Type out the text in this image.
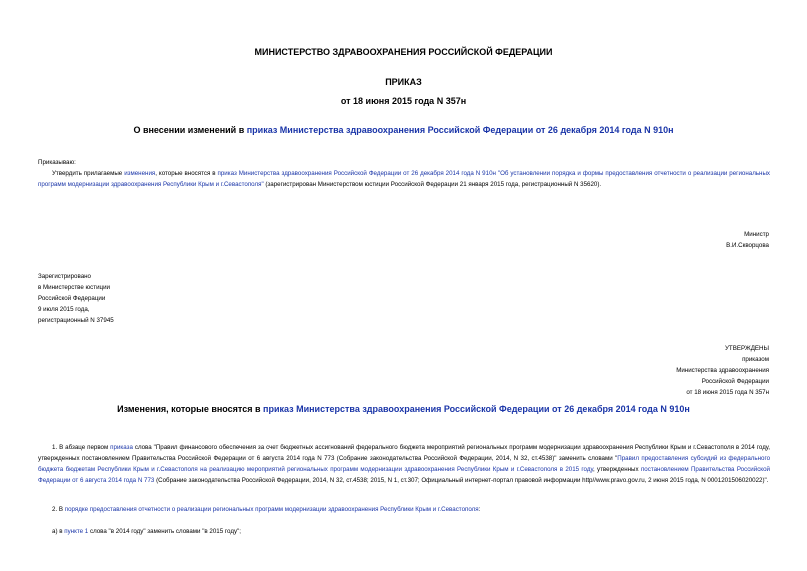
МИНИСТЕРСТВО ЗДРАВООХРАНЕНИЯ РОССИЙСКОЙ ФЕДЕРАЦИИ
ПРИКАЗ
от 18 июня 2015 года N 357н
О внесении изменений в приказ Министерства здравоохранения Российской Федерации от 26 декабря 2014 года N 910н
Приказываю:
Утвердить прилагаемые изменения, которые вносятся в приказ Министерства здравоохранения Российской Федерации от 26 декабря 2014 года N 910н "Об установлении порядка и формы предоставления отчетности о реализации региональных программ модернизации здравоохранения Республики Крым и г.Севастополя" (зарегистрирован Министерством юстиции Российской Федерации 21 января 2015 года, регистрационный N 35620).
Министр
В.И.Скворцова
Зарегистрировано
в Министерстве юстиции
Российской Федерации
9 июля 2015 года,
регистрационный N 37945
УТВЕРЖДЕНЫ
приказом
Министерства здравоохранения
Российской Федерации
от 18 июня 2015 года N 357н
Изменения, которые вносятся в приказ Министерства здравоохранения Российской Федерации от 26 декабря 2014 года N 910н
1. В абзаце первом приказа слова "Правил финансового обеспечения за счет бюджетных ассигнований федерального бюджета мероприятий региональных программ модернизации здравоохранения Республики Крым и г.Севастополя в 2014 году, утвержденных постановлением Правительства Российской Федерации от 6 августа 2014 года N 773 (Собрание законодательства Российской Федерации, 2014, N 32, ст.4538)" заменить словами "Правил предоставления субсидий из федерального бюджета бюджетам Республики Крым и г.Севастополя на реализацию мероприятий региональных программ модернизации здравоохранения Республики Крым и г.Севастополя в 2015 году, утвержденных постановлением Правительства Российской Федерации от 6 августа 2014 года N 773 (Собрание законодательства Российской Федерации, 2014, N 32, ст.4538; 2015, N 1, ст.307; Официальный интернет-портал правовой информации http//www.pravo.gov.ru, 2 июня 2015 года, N 0001201506020022)".
2. В порядке предоставления отчетности о реализации региональных программ модернизации здравоохранения Республики Крым и г.Севастополя:
а) в пункте 1 слова "в 2014 году" заменить словами "в 2015 году";
